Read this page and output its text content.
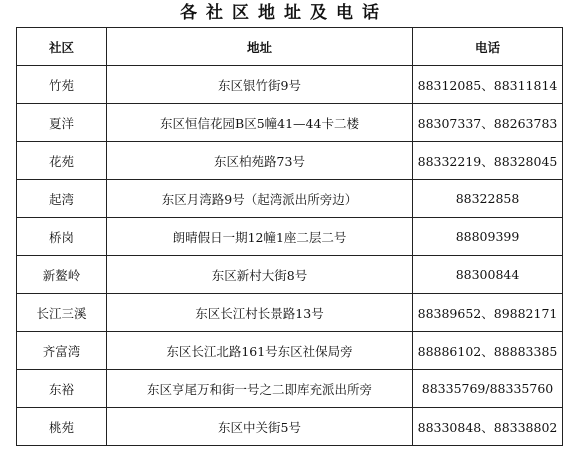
各社区地址及电话
社区	地址	电话
竹苑	东区银竹街9号	88312085、88311814
夏洋	东区恒信花园B区5幢41—44卡二楼	88307337、88263783
花苑	东区柏苑路73号	88332219、88328045
起湾	东区月湾路9号（起湾派出所旁边）	88322858
桥岗	朗晴假日一期12幢1座二层二号	88809399
新鳌岭	东区新村大街8号	88300844
长江三溪	东区长江村长景路13号	88389652、89882171
齐富湾	东区长江北路161号东区社保局旁	88886102、88883385
东裕	东区亨尾万和街一号之二即库充派出所旁	88335769/88335760
桃苑	东区中关街5号	88330848、88338802
